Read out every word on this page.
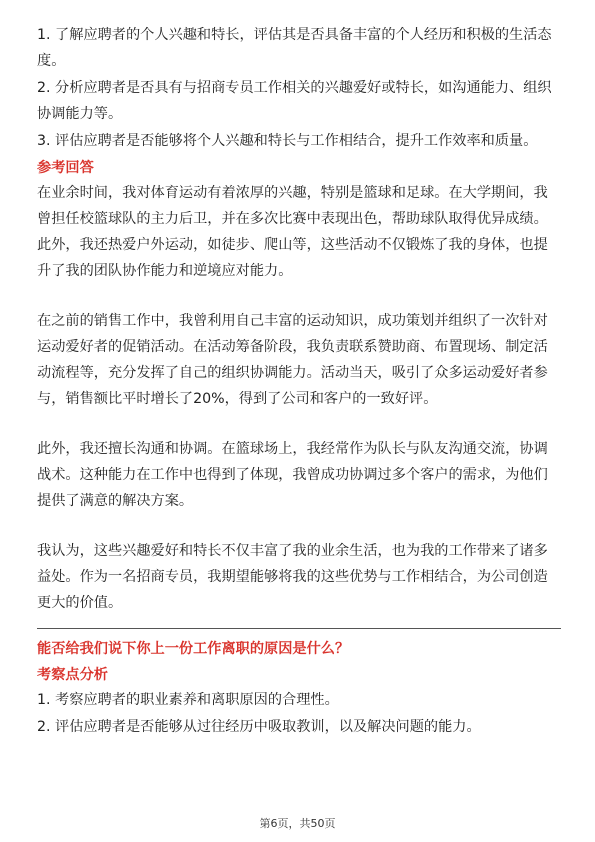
1. 了解应聘者的个人兴趣和特长，评估其是否具备丰富的个人经历和积极的生活态度。

2. 分析应聘者是否具有与招商专员工作相关的兴趣爱好或特长，如沟通能力、组织协调能力等。

3. 评估应聘者是否能够将个人兴趣和特长与工作相结合，提升工作效率和质量。

参考回答

在业余时间，我对体育运动有着浓厚的兴趣，特别是篮球和足球。在大学期间，我曾担任校篮球队的主力后卫，并在多次比赛中表现出色，帮助球队取得优异成绩。此外，我还热爱户外运动，如徒步、爬山等，这些活动不仅锻炼了我的身体，也提升了我的团队协作能力和逆境应对能力。

在之前的销售工作中，我曾利用自己丰富的运动知识，成功策划并组织了一次针对运动爱好者的促销活动。在活动筹备阶段，我负责联系赞助商、布置现场、制定活动流程等，充分发挥了自己的组织协调能力。活动当天，吸引了众多运动爱好者参与，销售额比平时增长了20%，得到了公司和客户的一致好评。

此外，我还擅长沟通和协调。在篮球场上，我经常作为队长与队友沟通交流，协调战术。这种能力在工作中也得到了体现，我曾成功协调过多个客户的需求，为他们提供了满意的解决方案。

我认为，这些兴趣爱好和特长不仅丰富了我的业余生活，也为我的工作带来了诸多益处。作为一名招商专员，我期望能够将我的这些优势与工作相结合，为公司创造更大的价值。

能否给我们说下你上一份工作离职的原因是什么？

考察点分析

1. 考察应聘者的职业素养和离职原因的合理性。

2. 评估应聘者是否能够从过往经历中吸取教训，以及解决问题的能力。

第6页，共50页
